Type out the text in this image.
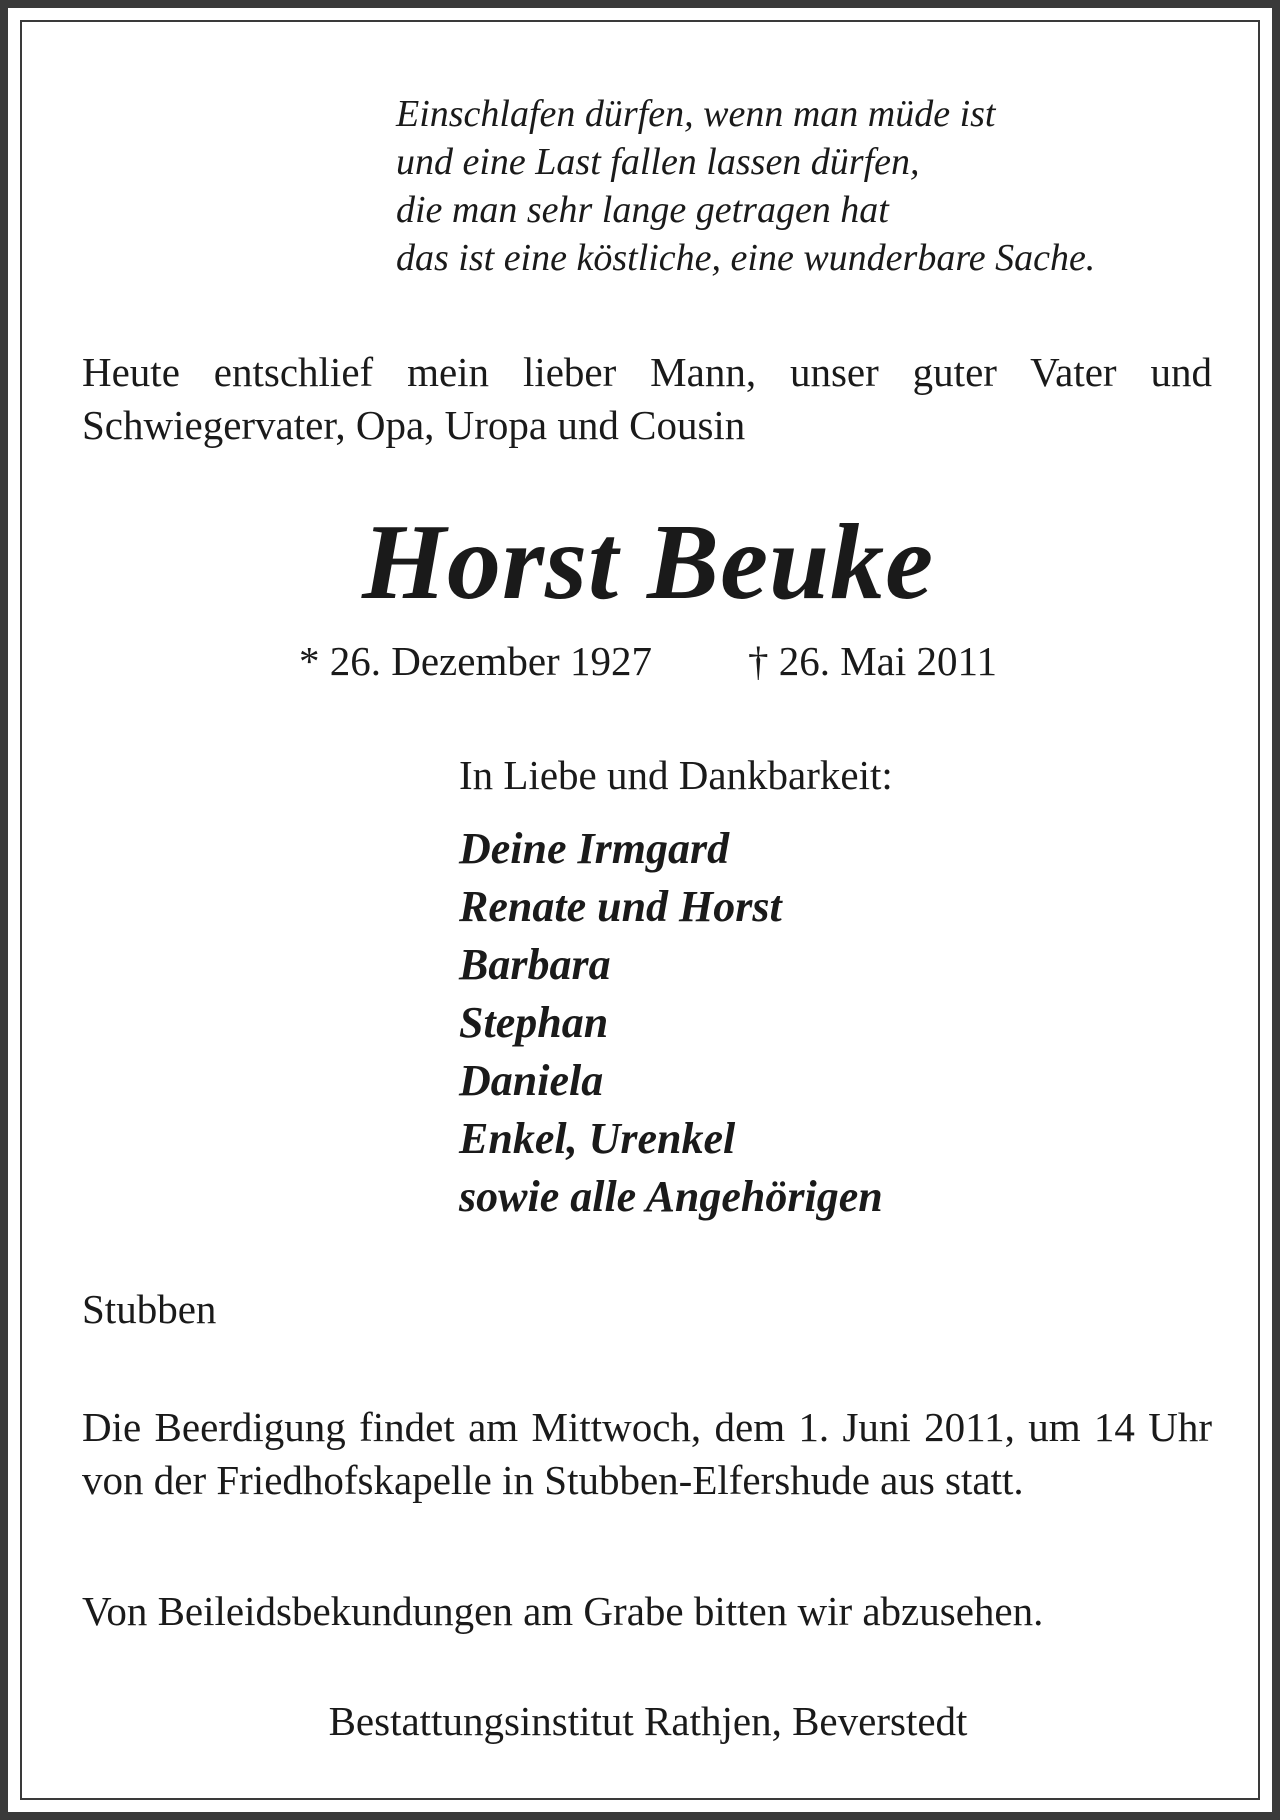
Einschlafen dürfen, wenn man müde ist
und eine Last fallen lassen dürfen,
die man sehr lange getragen hat
das ist eine köstliche, eine wunderbare Sache.
Heute entschlief mein lieber Mann, unser guter Vater und Schwiegervater, Opa, Uropa und Cousin
Horst Beuke
* 26. Dezember 1927 † 26. Mai 2011
In Liebe und Dankbarkeit:
Deine Irmgard
Renate und Horst
Barbara
Stephan
Daniela
Enkel, Urenkel
sowie alle Angehörigen
Stubben
Die Beerdigung findet am Mittwoch, dem 1. Juni 2011, um 14 Uhr von der Friedhofskapelle in Stubben-Elfershude aus statt.
Von Beileidsbekundungen am Grabe bitten wir abzusehen.
Bestattungsinstitut Rathjen, Beverstedt
